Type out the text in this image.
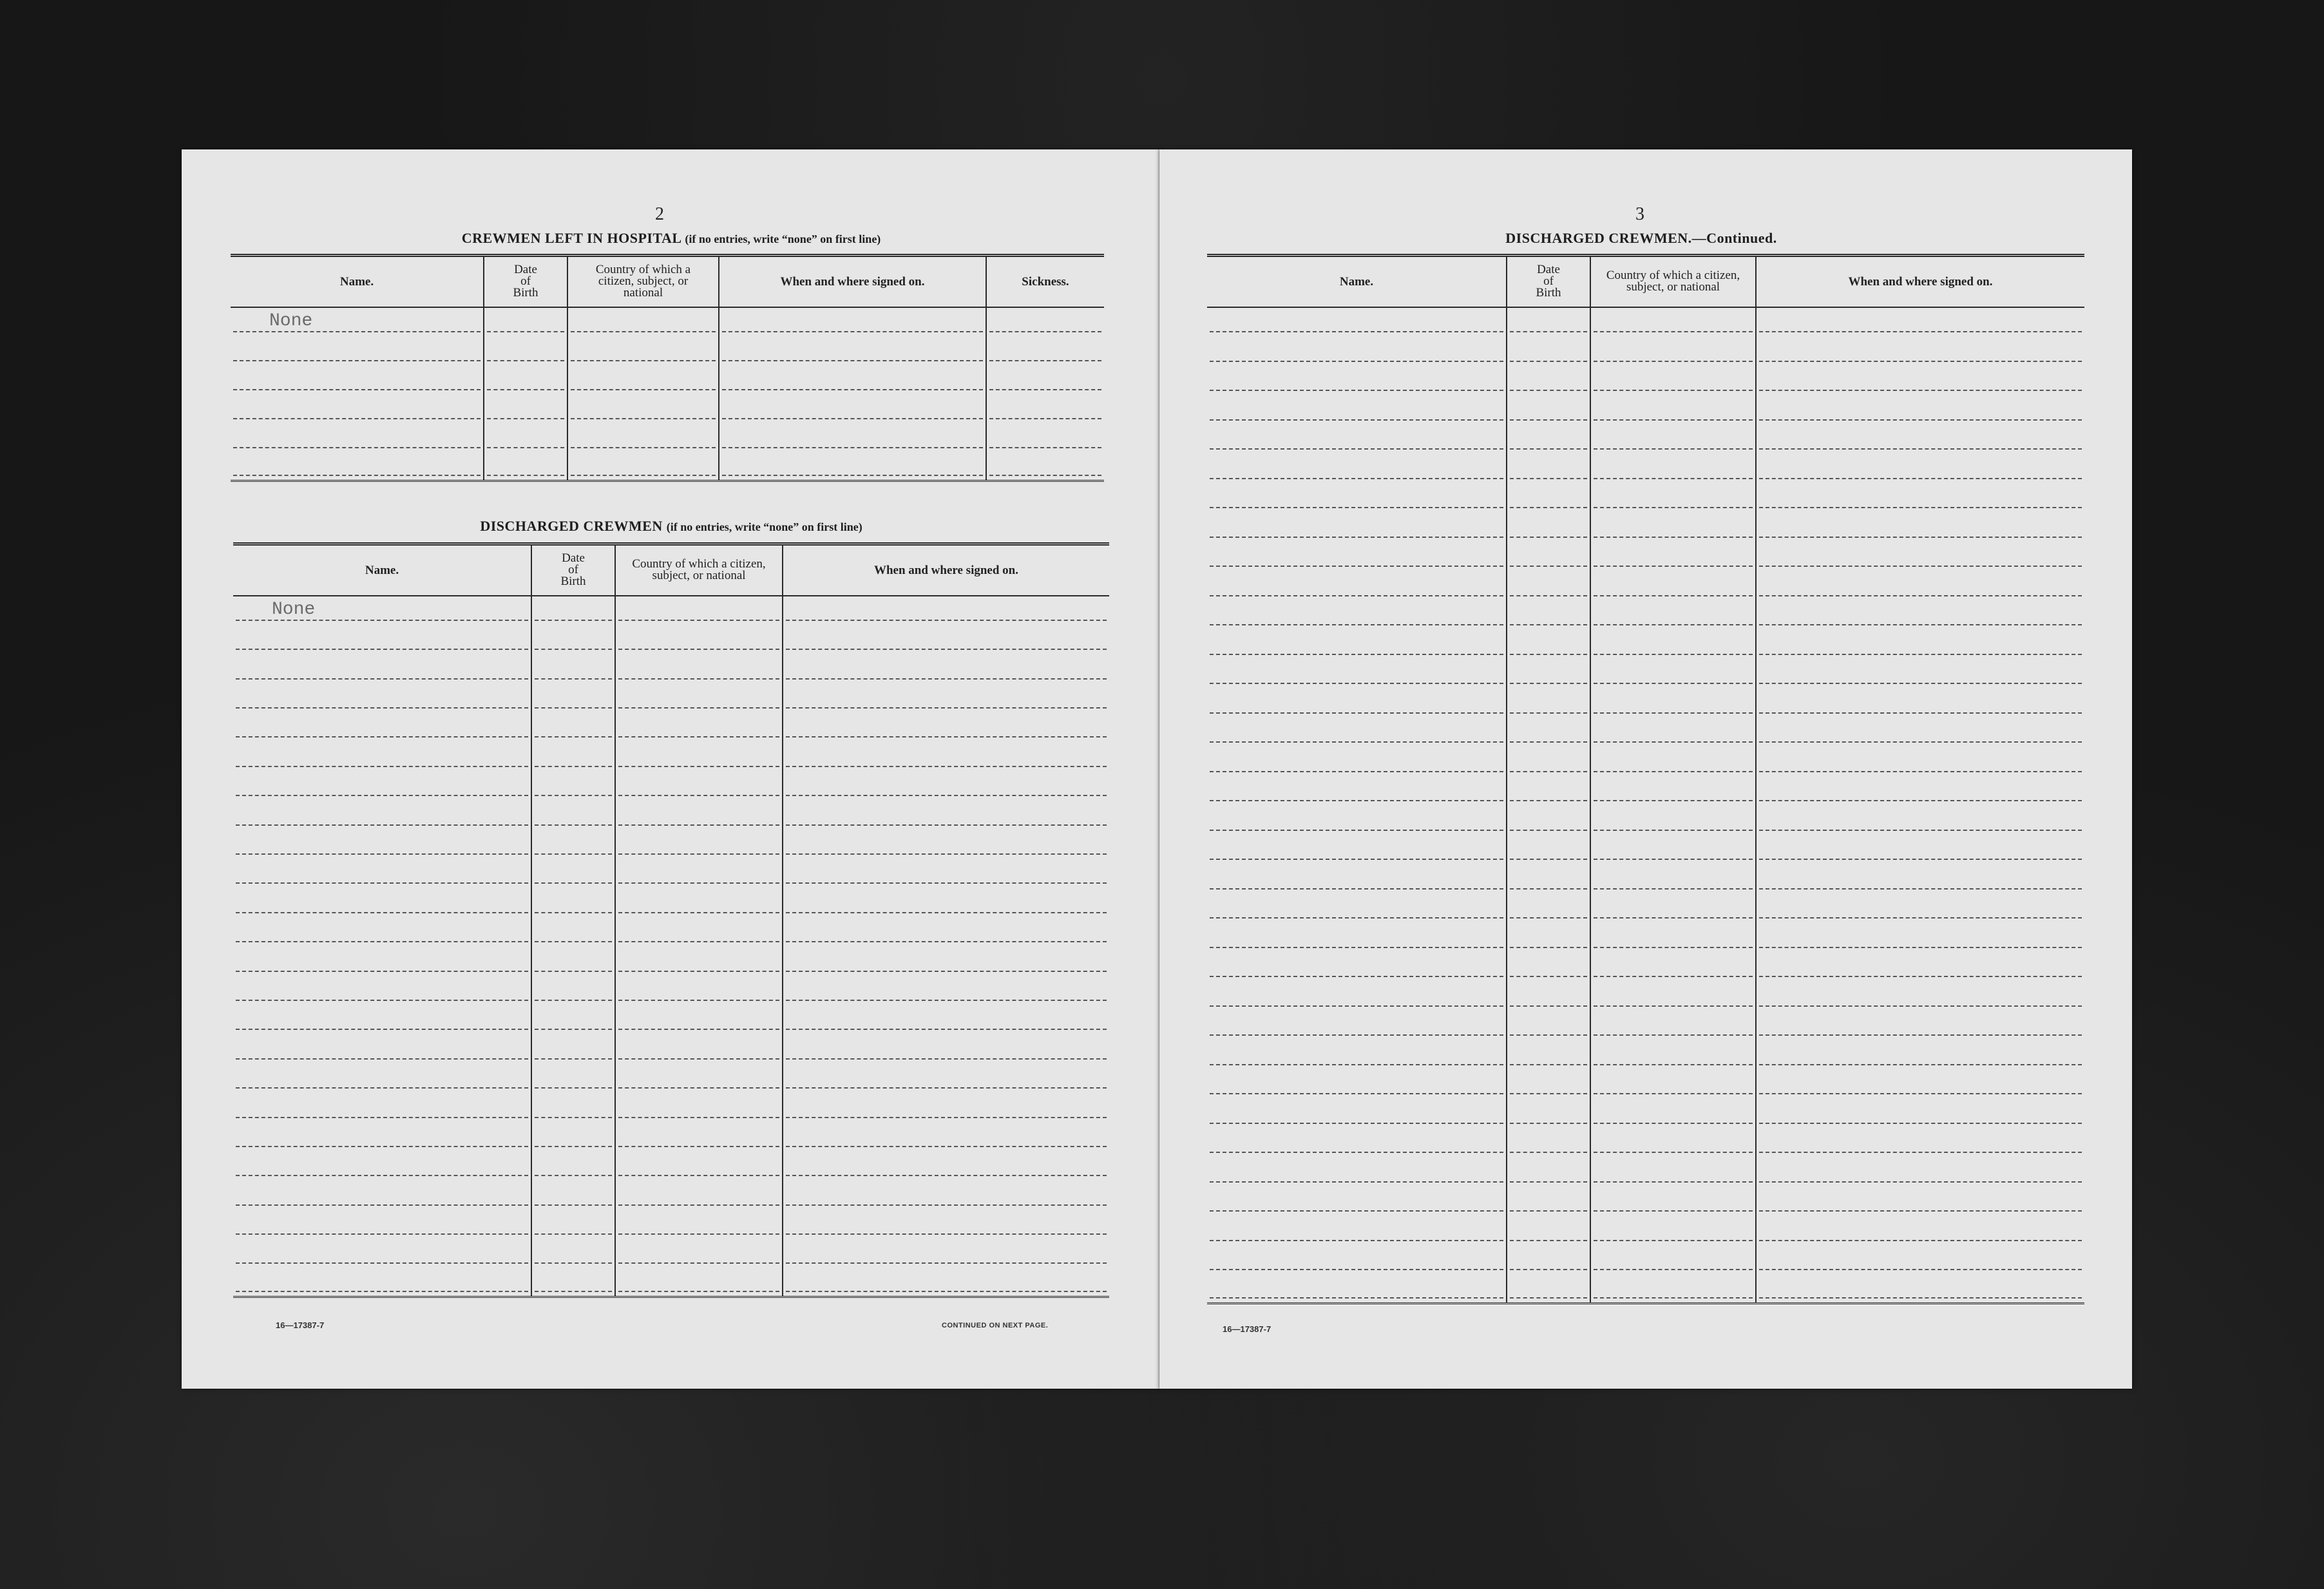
2
CREWMEN LEFT IN HOSPITAL (if no entries, write “none” on first line)
Name.	Date of Birth	Country of which a citizen, subject, or national	When and where signed on.	Sickness.

None				

DISCHARGED CREWMEN (if no entries, write “none” on first line)
Name.	Date of Birth	Country of which a citizen, subject, or national	When and where signed on.

None			

16—17387-7	CONTINUED ON NEXT PAGE.
3
DISCHARGED CREWMEN.—Continued.
Name.	Date of Birth	Country of which a citizen, subject, or national	When and where signed on.

16—17387-7
